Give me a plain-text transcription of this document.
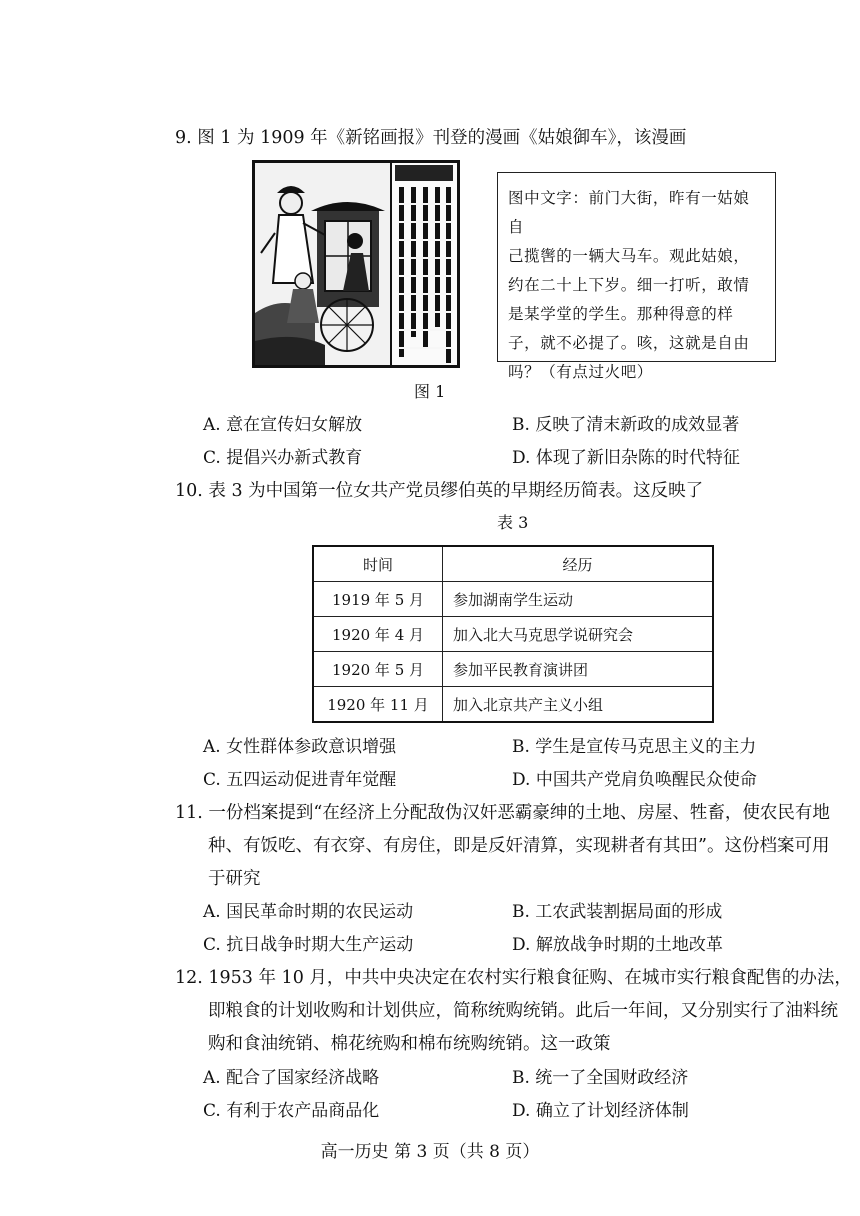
9. 图 1 为 1909 年《新铭画报》刊登的漫画《姑娘御车》，该漫画
图中文字：前门大街，昨有一姑娘自
己揽辔的一辆大马车。观此姑娘，
约在二十上下岁。细一打听，敢情
是某学堂的学生。那种得意的样
子，就不必提了。咳，这就是自由
吗？（有点过火吧）
图 1
A. 意在宣传妇女解放	B. 反映了清末新政的成效显著
C. 提倡兴办新式教育	D. 体现了新旧杂陈的时代特征
10. 表 3 为中国第一位女共产党员缪伯英的早期经历简表。这反映了
表 3
时间	经历
1919 年 5 月	参加湖南学生运动
1920 年 4 月	加入北大马克思学说研究会
1920 年 5 月	参加平民教育演讲团
1920 年 11 月	加入北京共产主义小组
A. 女性群体参政意识增强	B. 学生是宣传马克思主义的主力
C. 五四运动促进青年觉醒	D. 中国共产党肩负唤醒民众使命
11. 一份档案提到“在经济上分配敌伪汉奸恶霸豪绅的土地、房屋、牲畜，使农民有地
种、有饭吃、有衣穿、有房住，即是反奸清算，实现耕者有其田”。这份档案可用
于研究
A. 国民革命时期的农民运动	B. 工农武装割据局面的形成
C. 抗日战争时期大生产运动	D. 解放战争时期的土地改革
12. 1953 年 10 月，中共中央决定在农村实行粮食征购、在城市实行粮食配售的办法，
即粮食的计划收购和计划供应，简称统购统销。此后一年间，又分别实行了油料统
购和食油统销、棉花统购和棉布统购统销。这一政策
A. 配合了国家经济战略	B. 统一了全国财政经济
C. 有利于农产品商品化	D. 确立了计划经济体制
高一历史 第 3 页（共 8 页）
